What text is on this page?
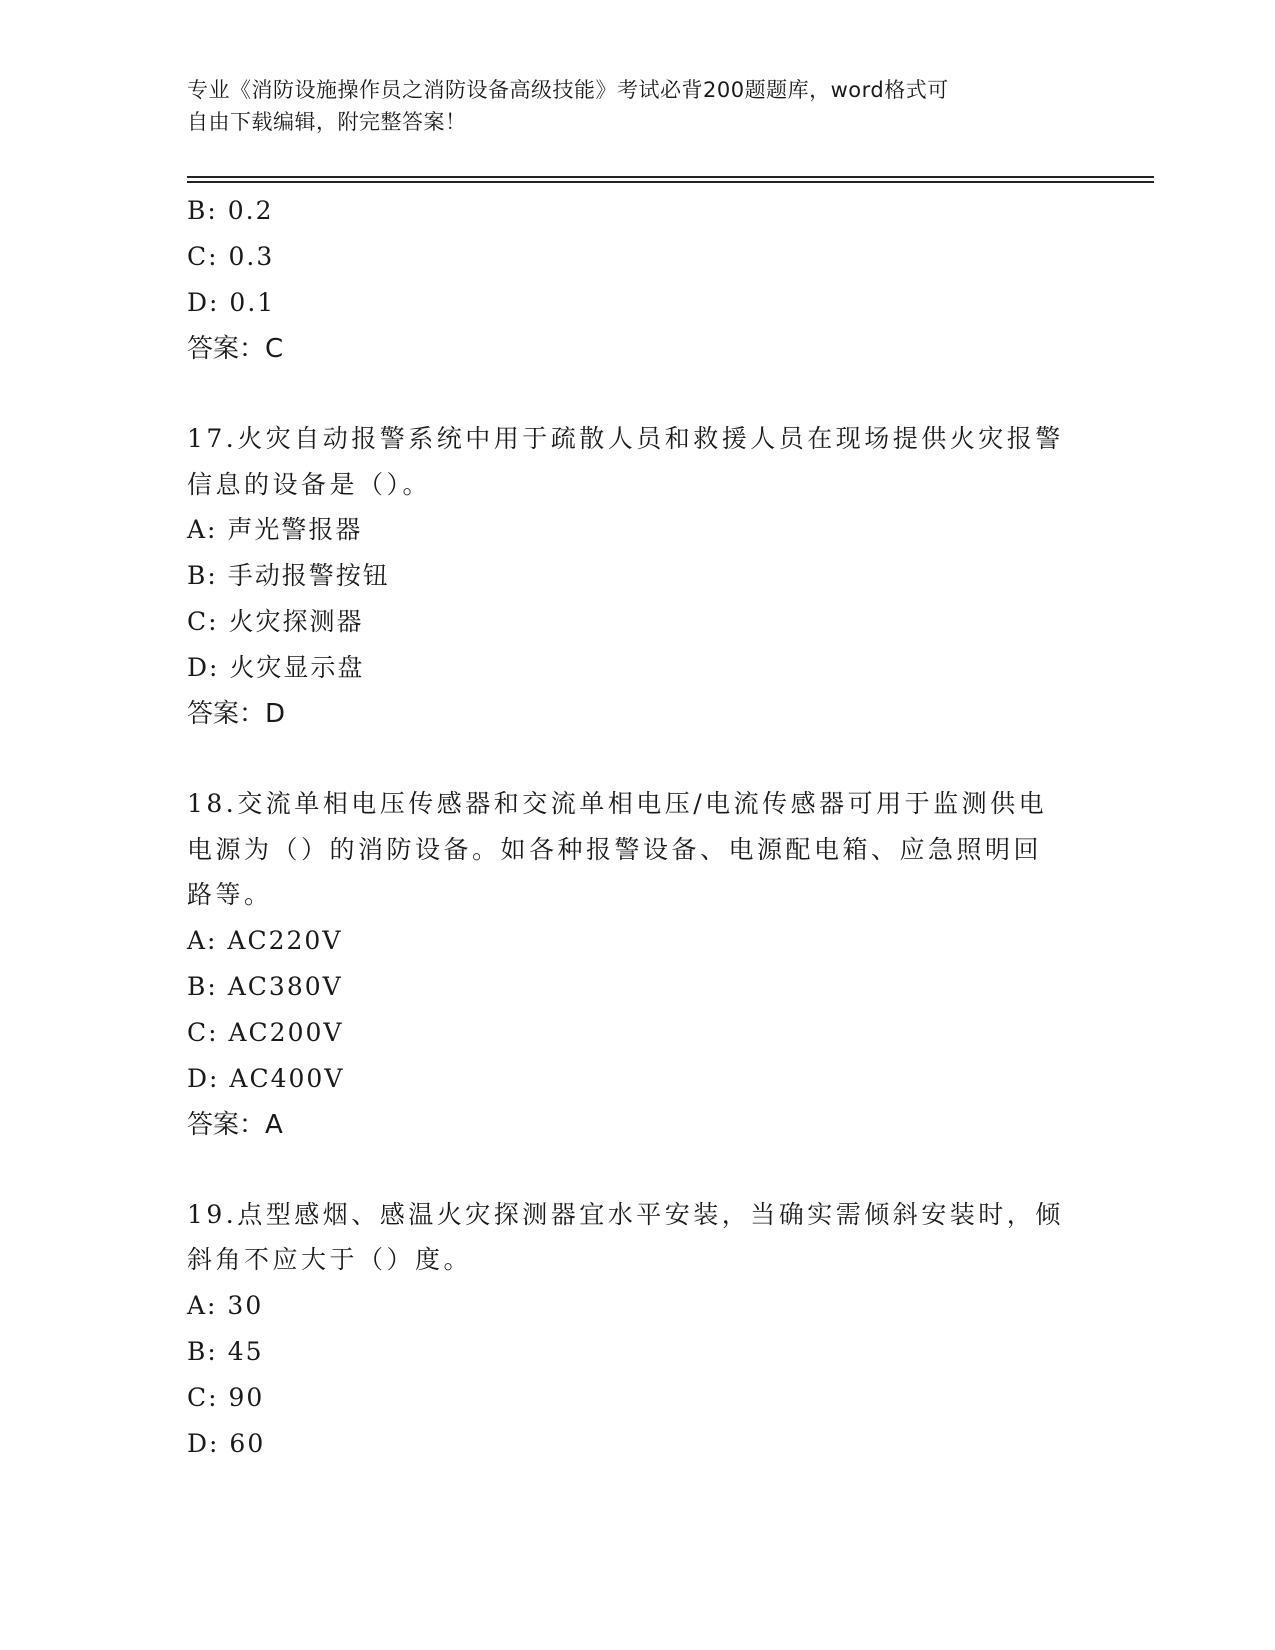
专业《消防设施操作员之消防设备高级技能》考试必背200题题库，word格式可
自由下载编辑，附完整答案！
B: 0.2
C: 0.3
D: 0.1
答案：C
17.火灾自动报警系统中用于疏散人员和救援人员在现场提供火灾报警
信息的设备是（）。
A: 声光警报器
B: 手动报警按钮
C: 火灾探测器
D: 火灾显示盘
答案：D
18.交流单相电压传感器和交流单相电压/电流传感器可用于监测供电
电源为（）的消防设备。如各种报警设备、电源配电箱、应急照明回
路等。
A: AC220V
B: AC380V
C: AC200V
D: AC400V
答案：A
19.点型感烟、感温火灾探测器宜水平安装，当确实需倾斜安装时，倾
斜角不应大于（）度。
A: 30
B: 45
C: 90
D: 60
